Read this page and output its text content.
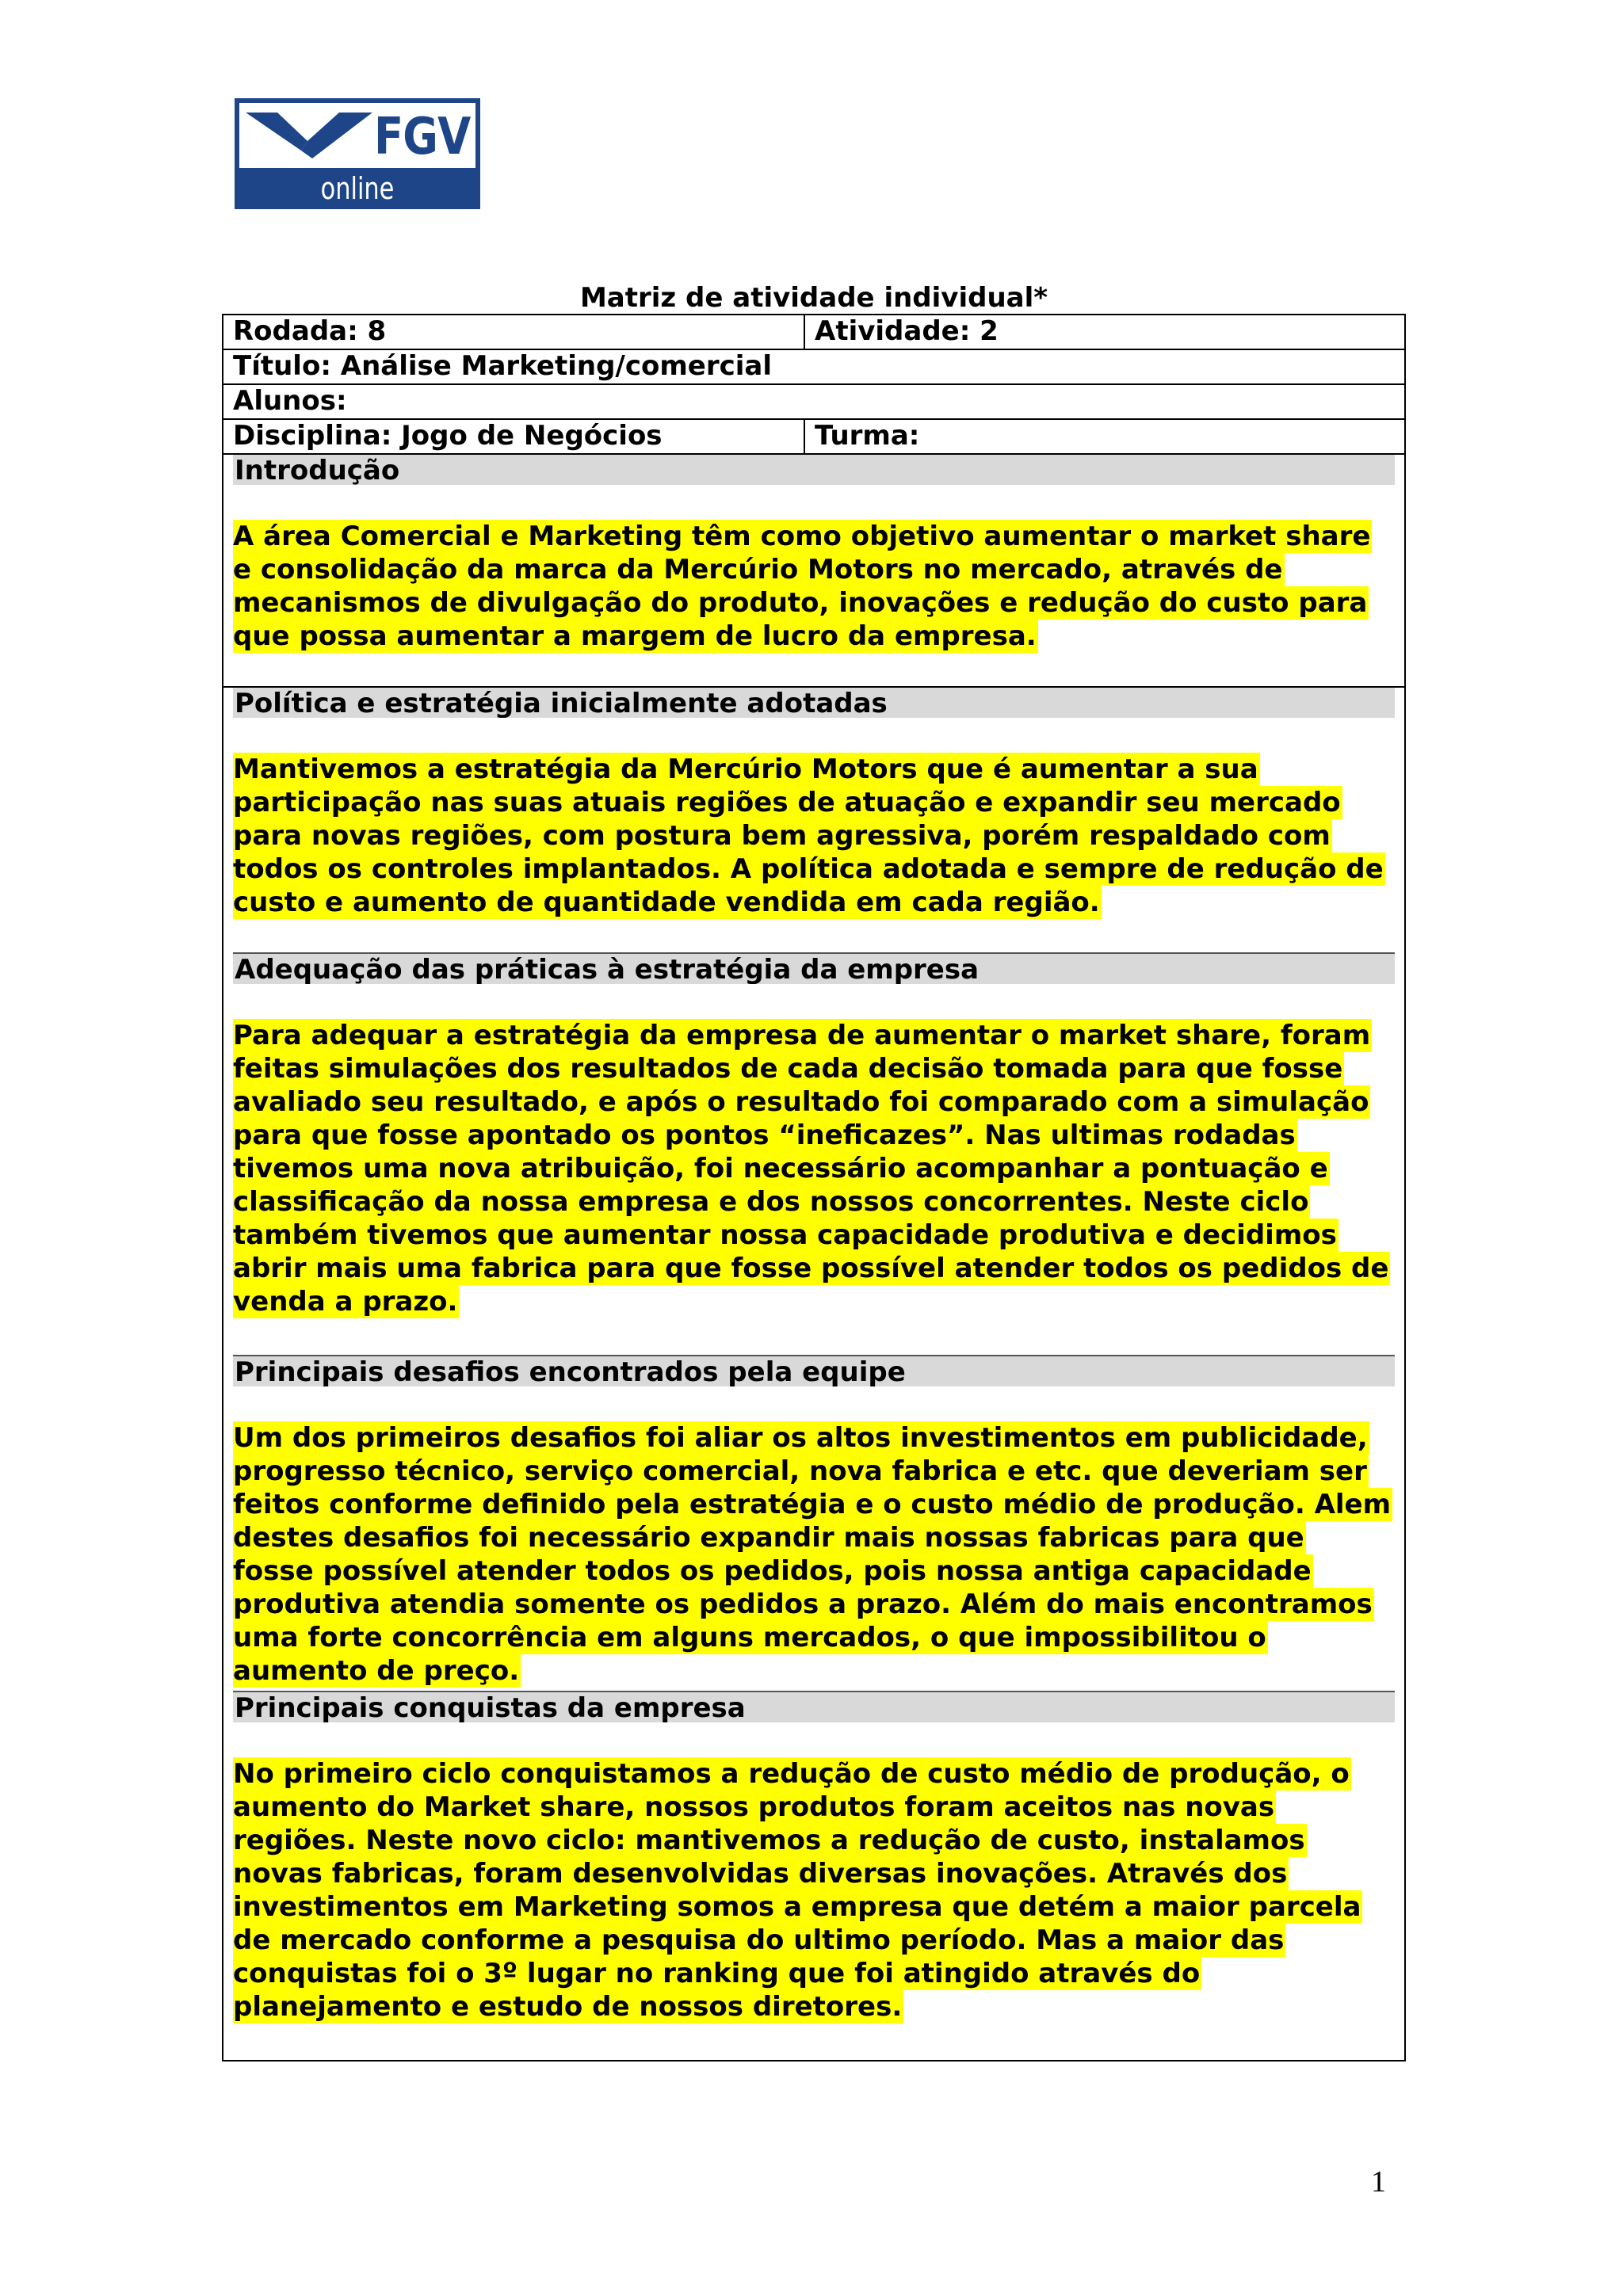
FGV
online
Matriz de atividade individual*
Rodada: 8	Atividade: 2
Título: Análise Marketing/comercial
Alunos:
Disciplina: Jogo de Negócios	Turma:
Introdução
A área Comercial e Marketing têm como objetivo aumentar o market share
e consolidação da marca da Mercúrio Motors no mercado, através de
mecanismos de divulgação do produto, inovações e redução do custo para
que possa aumentar a margem de lucro da empresa.
Política e estratégia inicialmente adotadas
Mantivemos a estratégia da Mercúrio Motors que é aumentar a sua
participação nas suas atuais regiões de atuação e expandir seu mercado
para novas regiões, com postura bem agressiva, porém respaldado com
todos os controles implantados. A política adotada e sempre de redução de
custo e aumento de quantidade vendida em cada região.
Adequação das práticas à estratégia da empresa
Para adequar a estratégia da empresa de aumentar o market share, foram
feitas simulações dos resultados de cada decisão tomada para que fosse
avaliado seu resultado, e após o resultado foi comparado com a simulação
para que fosse apontado os pontos “ineficazes”. Nas ultimas rodadas
tivemos uma nova atribuição, foi necessário acompanhar a pontuação e
classificação da nossa empresa e dos nossos concorrentes. Neste ciclo
também tivemos que aumentar nossa capacidade produtiva e decidimos
abrir mais uma fabrica para que fosse possível atender todos os pedidos de
venda a prazo.
Principais desafios encontrados pela equipe
Um dos primeiros desafios foi aliar os altos investimentos em publicidade,
progresso técnico, serviço comercial, nova fabrica e etc. que deveriam ser
feitos conforme definido pela estratégia e o custo médio de produção. Alem
destes desafios foi necessário expandir mais nossas fabricas para que
fosse possível atender todos os pedidos, pois nossa antiga capacidade
produtiva atendia somente os pedidos a prazo. Além do mais encontramos
uma forte concorrência em alguns mercados, o que impossibilitou o
aumento de preço.
Principais conquistas da empresa
No primeiro ciclo conquistamos a redução de custo médio de produção, o
aumento do Market share, nossos produtos foram aceitos nas novas
regiões. Neste novo ciclo: mantivemos a redução de custo, instalamos
novas fabricas, foram desenvolvidas diversas inovações. Através dos
investimentos em Marketing somos a empresa que detém a maior parcela
de mercado conforme a pesquisa do ultimo período. Mas a maior das
conquistas foi o 3º lugar no ranking que foi atingido através do
planejamento e estudo de nossos diretores.
1
